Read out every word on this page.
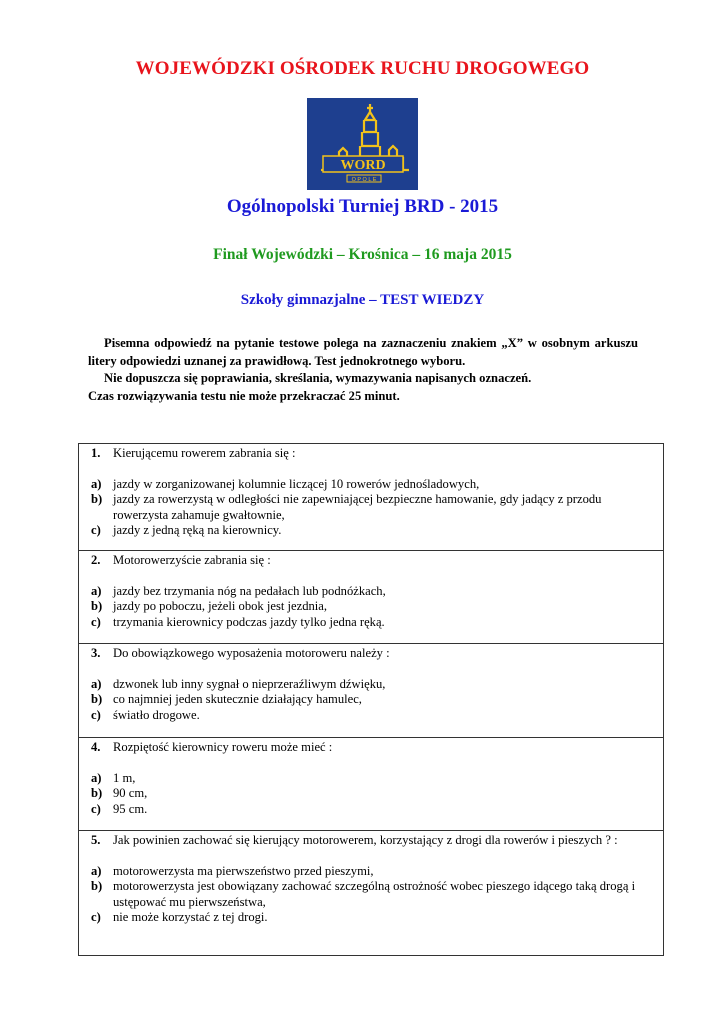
WOJEWÓDZKI OŚRODEK RUCHU DROGOWEGO
WORD
O P O L E
Ogólnopolski Turniej BRD - 2015
Finał Wojewódzki – Krośnica – 16 maja 2015
Szkoły gimnazjalne – TEST WIEDZY

Pisemna odpowiedź na pytanie testowe polega na zaznaczeniu znakiem „X” w osobnym arkuszu litery odpowiedzi uznanej za prawidłową. Test jednokrotnego wyboru.

Nie dopuszcza się poprawiania, skreślania, wymazywania napisanych oznaczeń.

Czas rozwiązywania testu nie może przekraczać 25 minut.

1. Kierującemu rowerem zabrania się :
a) jazdy w zorganizowanej kolumnie liczącej 10 rowerów jednośladowych,
b) jazdy za rowerzystą w odległości nie zapewniającej bezpieczne hamowanie, gdy jadący z przodu rowerzysta zahamuje gwałtownie,
c) jazdy z jedną ręką na kierownicy.
2. Motorowerzyście zabrania się :
a) jazdy bez trzymania nóg na pedałach lub podnóżkach,
b) jazdy po poboczu, jeżeli obok jest jezdnia,
c) trzymania kierownicy podczas jazdy tylko jedna ręką.
3. Do obowiązkowego wyposażenia motoroweru należy :
a) dzwonek lub inny sygnał o nieprzeraźliwym dźwięku,
b) co najmniej jeden skutecznie działający hamulec,
c) światło drogowe.
4. Rozpiętość kierownicy roweru może mieć :
a) 1 m,
b) 90 cm,
c) 95 cm.
5. Jak powinien zachować się kierujący motorowerem, korzystający z drogi dla rowerów i pieszych ? :
a) motorowerzysta ma pierwszeństwo przed pieszymi,
b) motorowerzysta jest obowiązany zachować szczególną ostrożność wobec pieszego idącego taką drogą i ustępować mu pierwszeństwa,
c) nie może korzystać z tej drogi.
